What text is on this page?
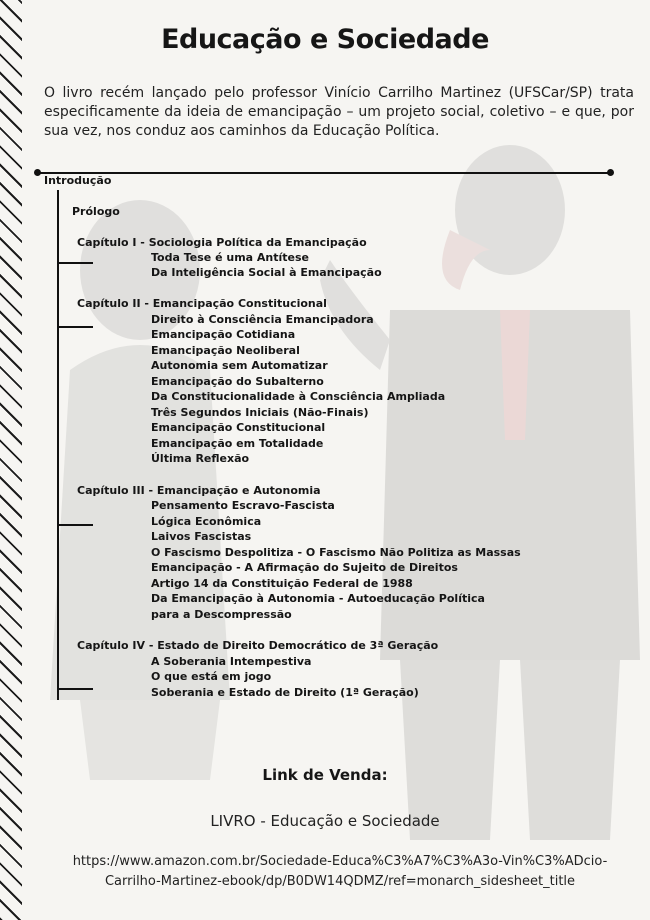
Educação e Sociedade
O livro recém lançado pelo professor Vinício Carrilho Martinez (UFSCar/SP) trata especificamente da ideia de emancipação – um projeto social, coletivo – e que, por sua vez, nos conduz aos caminhos da Educação Política.
Introdução
Prólogo
Capítulo I - Sociologia Política da Emancipação
Toda Tese é uma Antítese
Da Inteligência Social à Emancipação
Capítulo II - Emancipação Constitucional
Direito à Consciência Emancipadora
Emancipação Cotidiana
Emancipação Neoliberal
Autonomia sem Automatizar
Emancipação do Subalterno
Da Constitucionalidade à Consciência Ampliada
Três Segundos Iniciais (Não-Finais)
Emancipação Constitucional
Emancipação em Totalidade
Última Reflexão
Capítulo III - Emancipação e Autonomia
Pensamento Escravo-Fascista
Lógica Econômica
Laivos Fascistas
O Fascismo Despolitiza - O Fascismo Não Politiza as Massas
Emancipação - A Afirmação do Sujeito de Direitos
Artigo 14 da Constituição Federal de 1988
Da Emancipação à Autonomia - Autoeducação Política
para a Descompressão
Capítulo IV - Estado de Direito Democrático de 3ª Geração
A Soberania Intempestiva
O que está em jogo
Soberania e Estado de Direito (1ª Geração)
Link de Venda:
LIVRO - Educação e Sociedade
https://www.amazon.com.br/Sociedade-Educa%C3%A7%C3%A3o-Vin%C3%ADcio-
Carrilho-Martinez-ebook/dp/B0DW14QDMZ/ref=monarch_sidesheet_title
